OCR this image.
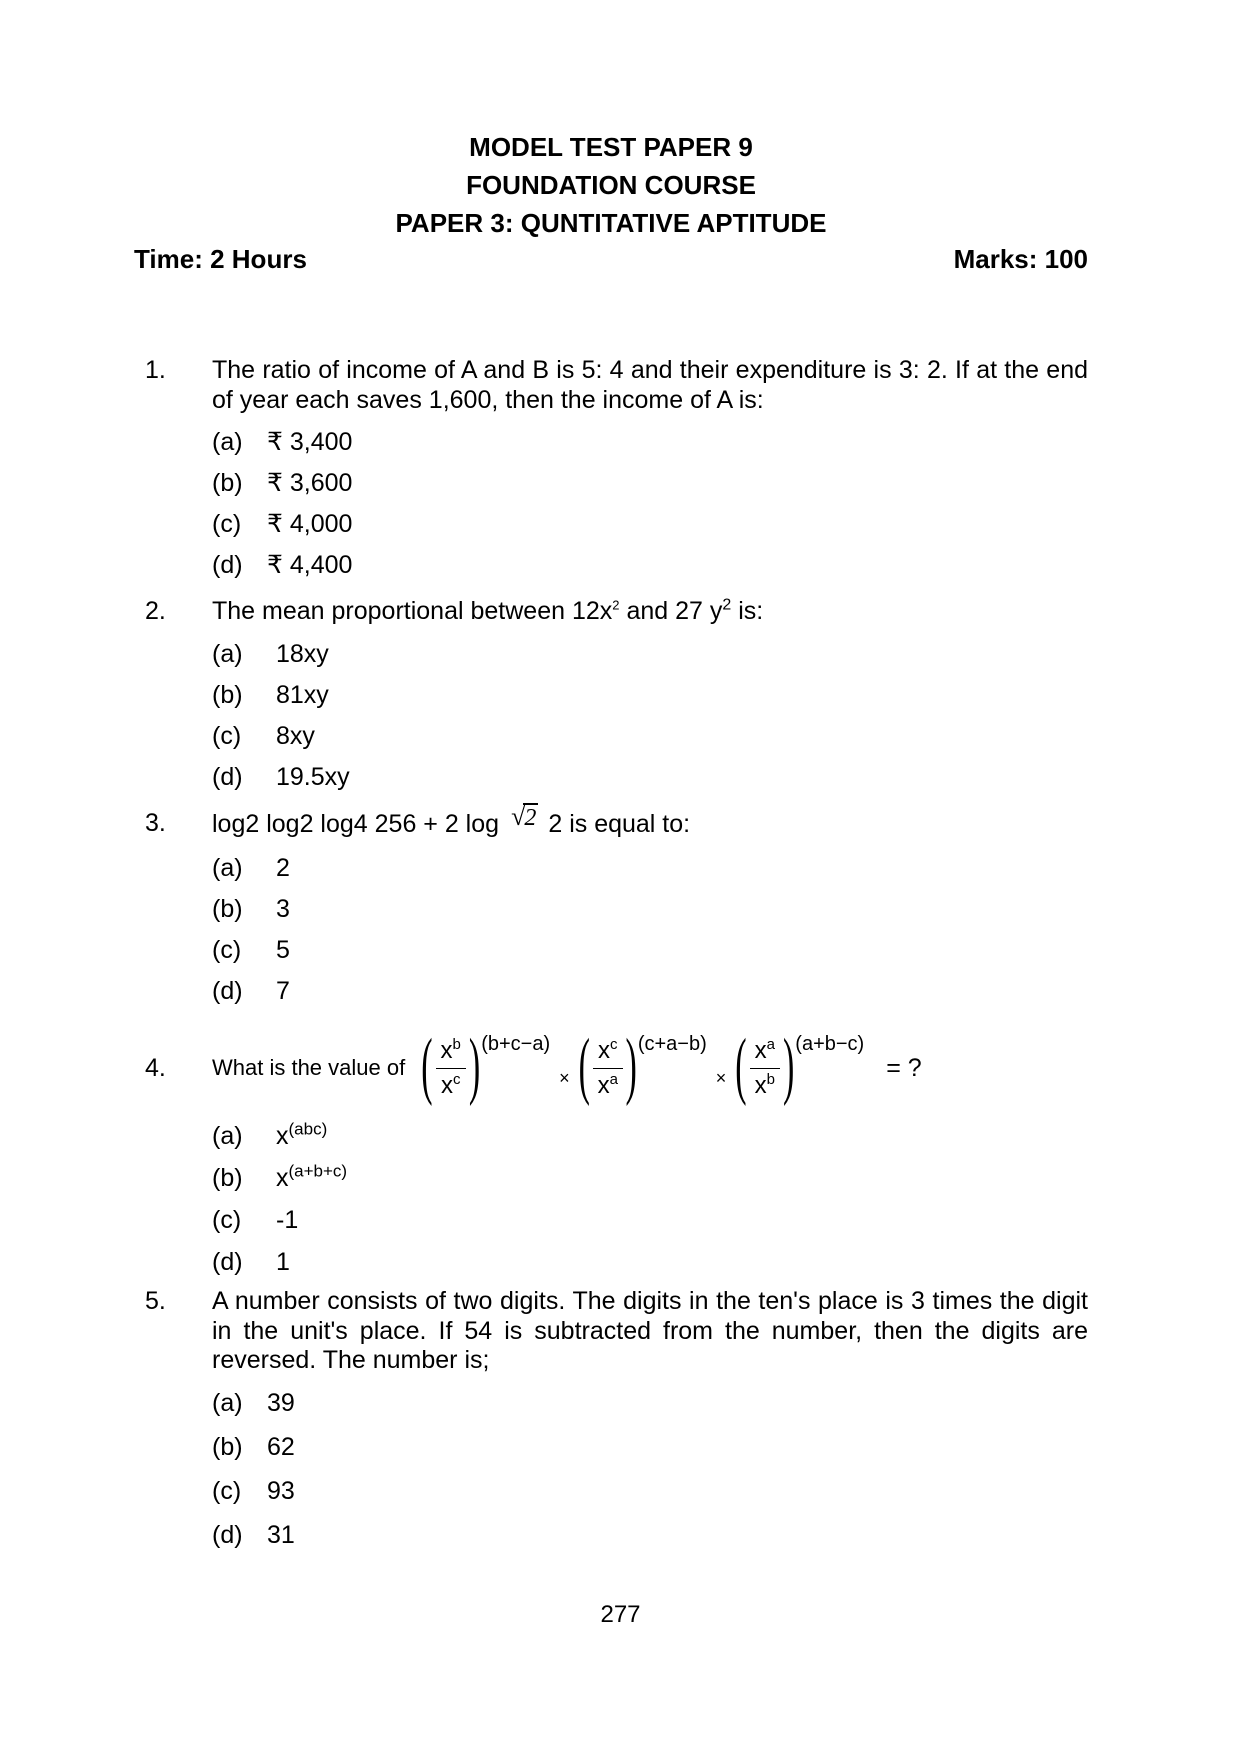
MODEL TEST PAPER 9
FOUNDATION COURSE
PAPER 3: QUNTITATIVE APTITUDE
Time: 2 Hours	Marks: 100
1.	The ratio of income of A and B is 5: 4 and their expenditure is 3: 2. If at the end of year each saves 1,600, then the income of A is:
(a) ₹ 3,400
(b) ₹ 3,600
(c)	₹ 4,000
(d) ₹ 4,400
2.	The mean proportional between $12x^2$ and 27 $y^2$ is:
(a)	18xy
(b)	81xy
(c)	8xy
(d)	19.5xy
3.	log2 log2 log4 256 + 2 log √2 2 is equal to:
(a)	2
(b)	3
(c)	5
(d)	7
4.	What is the value of ( $\frac{x^b}{x^c} )^{(b+c-a)}$
× ( $\frac{x^c}{x^a} )^{(c+a-b)}$
× ( $\frac{x^a}{x^b} )^{(a+b-c)}$
= ?
(a)	$x^{(abc)}$
(b)	$x^{(a+b+c)}$
(c)	-1
(d)	1
5.	A number consists of two digits. The digits in the ten's place is 3 times the digit in the unit's place. If 54 is subtracted from the number, then the digits are reversed. The number is;
(a) 39
(b) 62
(c)	93
(d) 31
277
